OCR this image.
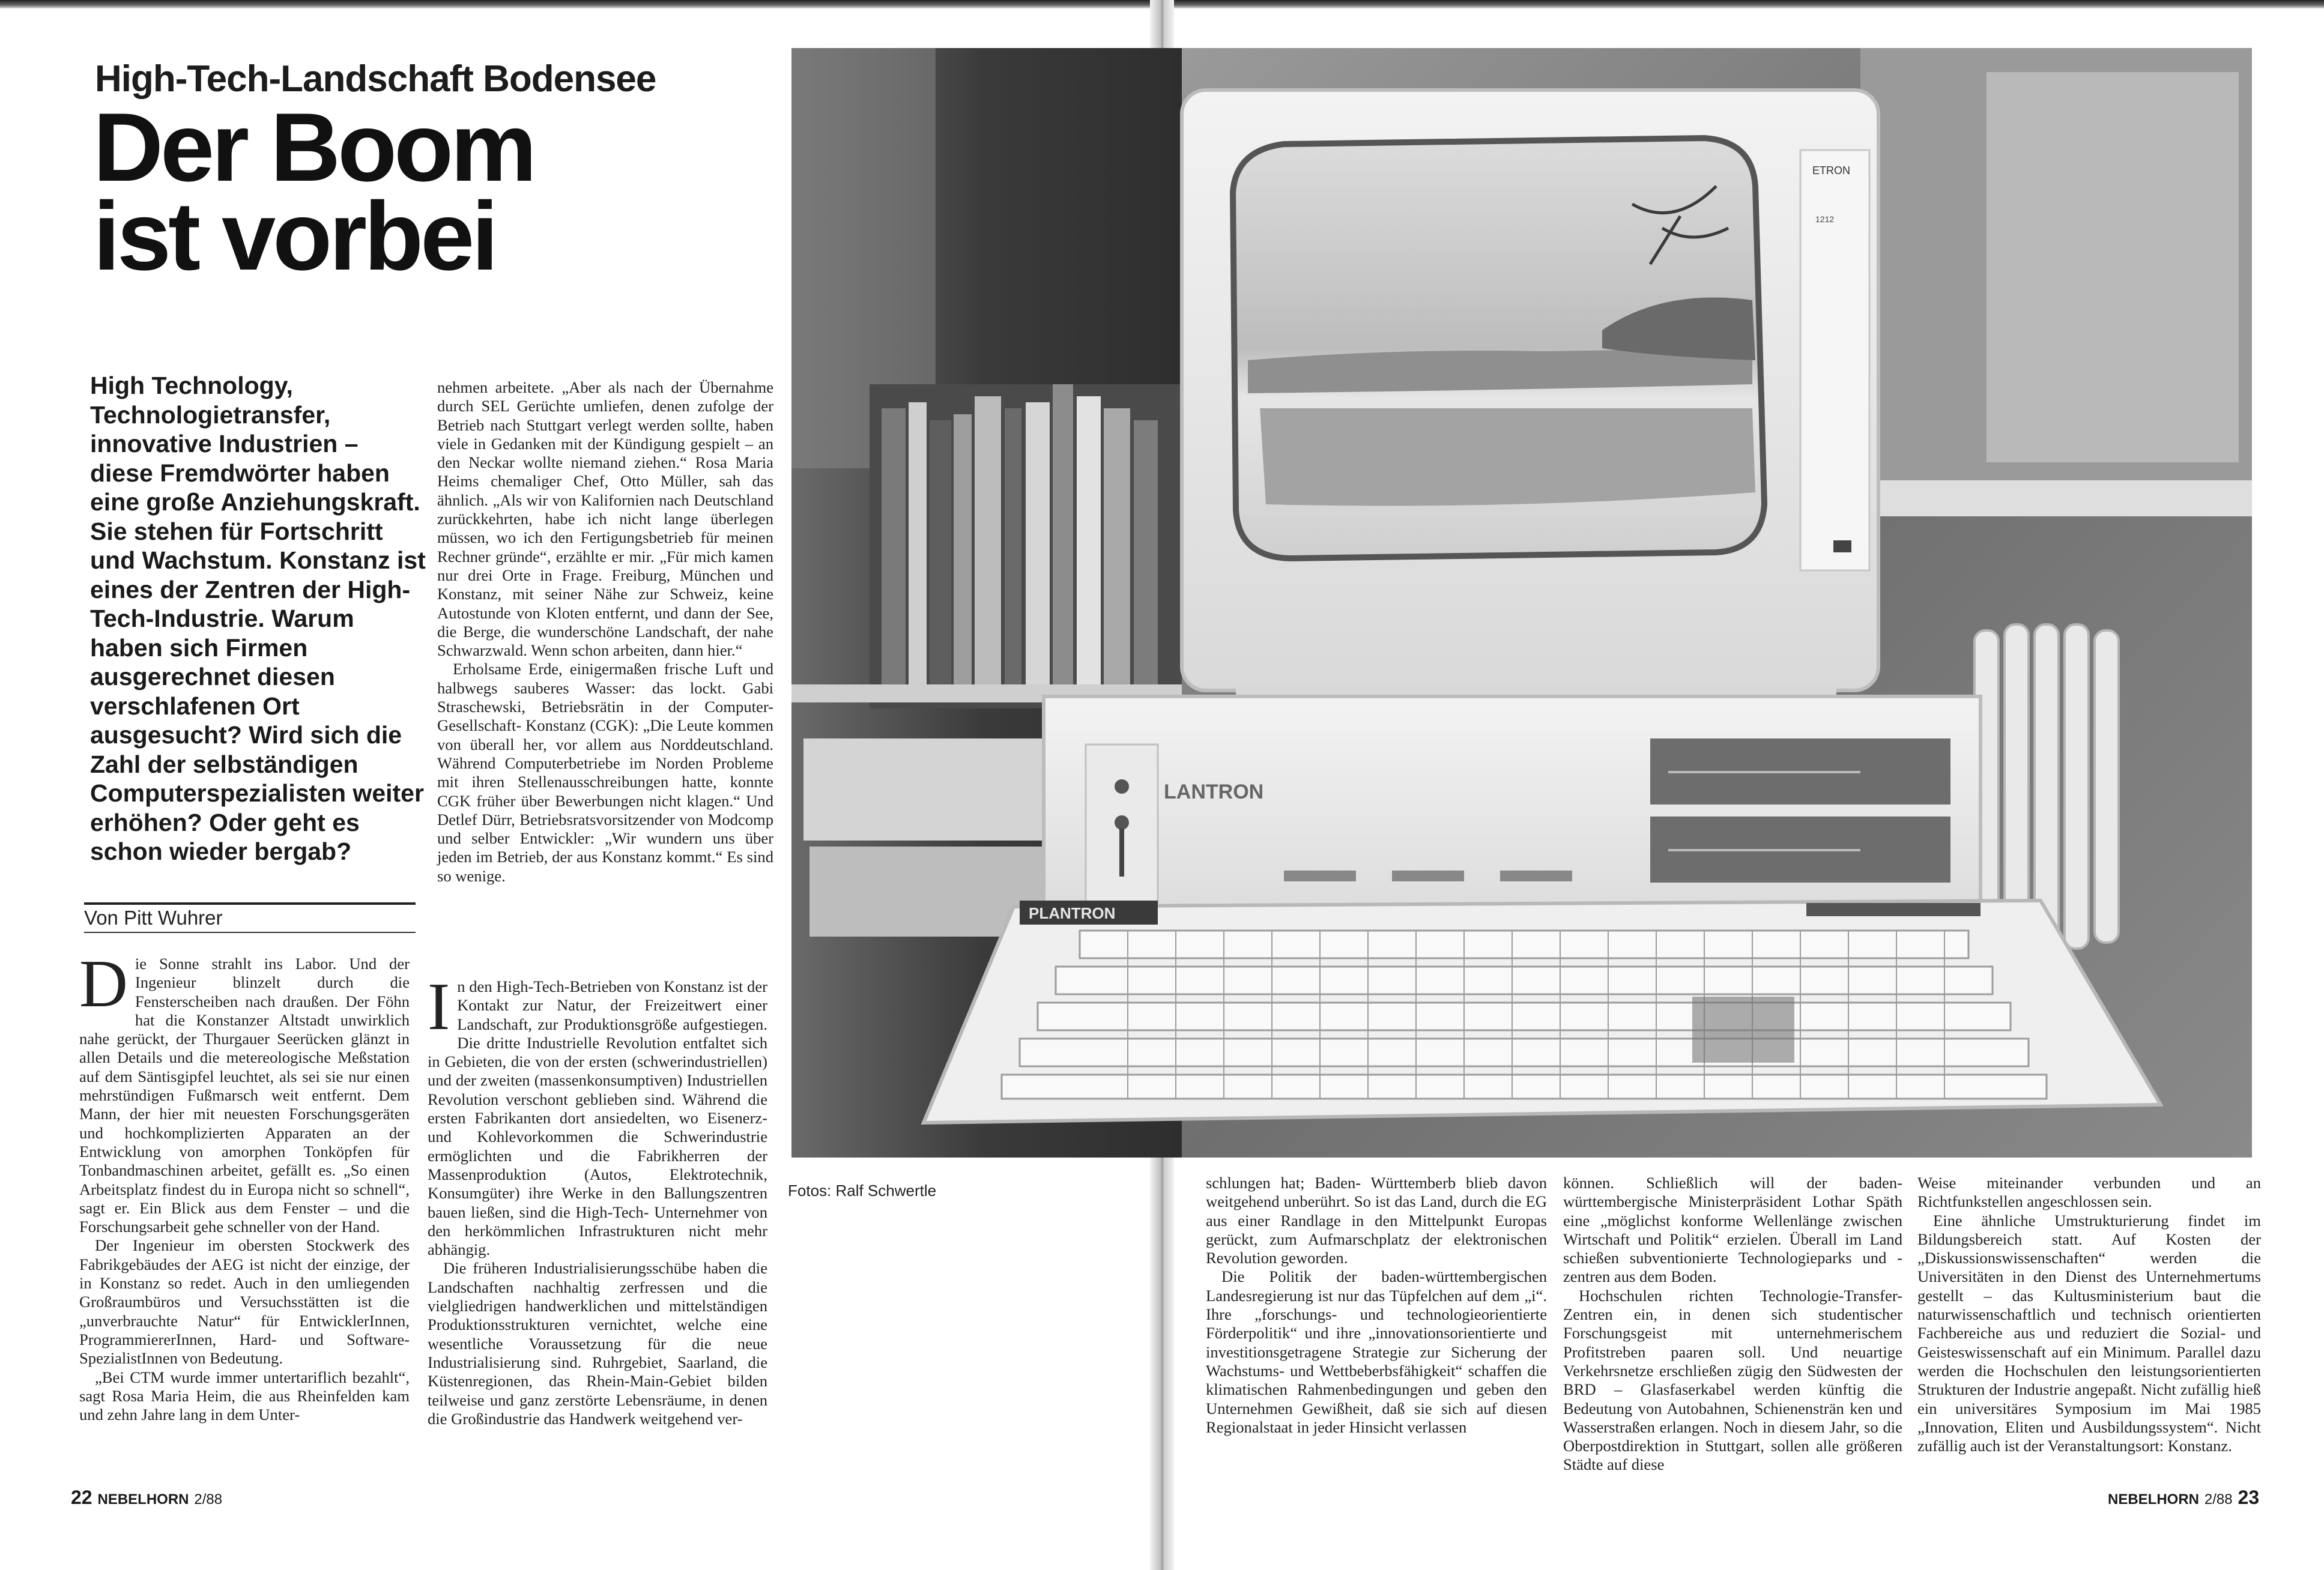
High-Tech-Landschaft Bodensee
Der Boom
ist vorbei
High Technology, Technologietransfer, innovative Industrien – diese Fremdwörter haben eine große Anziehungskraft. Sie stehen für Fortschritt und Wachstum. Konstanz ist eines der Zentren der High-Tech-Industrie. Warum haben sich Firmen ausgerechnet diesen verschlafenen Ort ausgesucht? Wird sich die Zahl der selbständigen Computerspezialisten weiter erhöhen? Oder geht es schon wieder bergab?
Von Pitt Wuhrer

Die Sonne strahlt ins Labor. Und der Ingenieur blinzelt durch die Fensterscheiben nach draußen. Der Föhn hat die Konstanzer Altstadt unwirklich nahe gerückt, der Thurgauer Seerücken glänzt in allen Details und die metereologische Meßstation auf dem Säntisgipfel leuchtet, als sei sie nur einen mehrstündigen Fußmarsch weit entfernt. Dem Mann, der hier mit neuesten Forschungsgeräten und hochkomplizierten Apparaten an der Entwicklung von amorphen Tonköpfen für Tonbandmaschinen arbeitet, gefällt es. „So einen Arbeitsplatz findest du in Europa nicht so schnell“, sagt er. Ein Blick aus dem Fenster – und die Forschungsarbeit gehe schneller von der Hand.

Der Ingenieur im obersten Stockwerk des Fabrikgebäudes der AEG ist nicht der einzige, der in Konstanz so redet. Auch in den umliegenden Großraumbüros und Versuchsstätten ist die „unverbrauchte Natur“ für EntwicklerInnen, ProgrammiererInnen, Hard- und Software- SpezialistInnen von Bedeutung.

„Bei CTM wurde immer untertariflich bezahlt“, sagt Rosa Maria Heim, die aus Rheinfelden kam und zehn Jahre lang in dem Unter-

nehmen arbeitete. „Aber als nach der Übernahme durch SEL Gerüchte umliefen, denen zufolge der Betrieb nach Stuttgart verlegt werden sollte, haben viele in Gedanken mit der Kündigung gespielt – an den Neckar wollte niemand ziehen.“ Rosa Maria Heims chemaliger Chef, Otto Müller, sah das ähnlich. „Als wir von Kalifornien nach Deutschland zurückkehrten, habe ich nicht lange überlegen müssen, wo ich den Fertigungsbetrieb für meinen Rechner gründe“, erzählte er mir. „Für mich kamen nur drei Orte in Frage. Freiburg, München und Konstanz, mit seiner Nähe zur Schweiz, keine Autostunde von Kloten entfernt, und dann der See, die Berge, die wunderschöne Landschaft, der nahe Schwarzwald. Wenn schon arbeiten, dann hier.“

Erholsame Erde, einigermaßen frische Luft und halbwegs sauberes Wasser: das lockt. Gabi Straschewski, Betriebsrätin in der Computer-Gesellschaft- Konstanz (CGK): „Die Leute kommen von überall her, vor allem aus Norddeutschland. Während Computerbetriebe im Norden Probleme mit ihren Stellenausschreibungen hatte, konnte CGK früher über Bewerbungen nicht klagen.“ Und Detlef Dürr, Betriebsratsvorsitzender von Modcomp und selber Entwickler: „Wir wundern uns über jeden im Betrieb, der aus Konstanz kommt.“ Es sind so wenige.

In den High-Tech-Betrieben von Konstanz ist der Kontakt zur Natur, der Freizeitwert einer Landschaft, zur Produktionsgröße aufgestiegen. Die dritte Industrielle Revolution entfaltet sich in Gebieten, die von der ersten (schwerindustriellen) und der zweiten (massenkonsumptiven) Industriellen Revolution verschont geblieben sind. Während die ersten Fabrikanten dort ansiedelten, wo Eisenerz- und Kohlevorkommen die Schwerindustrie ermöglichten und die Fabrikherren der Massenproduktion (Autos, Elektrotechnik, Konsumgüter) ihre Werke in den Ballungszentren bauen ließen, sind die High-Tech- Unternehmer von den herkömmlichen Infrastrukturen nicht mehr abhängig.

Die früheren Industrialisierungsschübe haben die Landschaften nachhaltig zerfressen und die vielgliedrigen handwerklichen und mittelständigen Produktionsstrukturen vernichtet, welche eine wesentliche Voraussetzung für die neue Industrialisierung sind. Ruhrgebiet, Saarland, die Küstenregionen, das Rhein-Main-Gebiet bilden teilweise und ganz zerstörte Lebensräume, in denen die Großindustrie das Handwerk weitgehend ver-

22 NEBELHORN 2/88
ETRON
1212
LANTRON
PLANTRON
Fotos: Ralf Schwertle	schlungen hat; Baden- Württemberb blieb davon weitgehend unberührt. So ist das Land, durch die EG aus einer Randlage in den Mittelpunkt Europas gerückt, zum Aufmarschplatz der elektronischen Revolution geworden.

Die Politik der baden-württembergischen Landesregierung ist nur das Tüpfelchen auf dem „i“. Ihre „forschungs- und technologieorientierte Förderpolitik“ und ihre „innovationsorientierte und investitionsgetragene Strategie zur Sicherung der Wachstums- und Wettbeberbsfähigkeit“ schaffen die klimatischen Rahmenbedingungen und geben den Unternehmen Gewißheit, daß sie sich auf diesen Regionalstaat in jeder Hinsicht verlassen

können. Schließlich will der baden- württembergische Ministerpräsident Lothar Späth eine „möglichst konforme Wellenlänge zwischen Wirtschaft und Politik“ erzielen. Überall im Land schießen subventionierte Technologieparks und -zentren aus dem Boden.

Hochschulen richten Technologie-Transfer-Zentren ein, in denen sich studentischer Forschungsgeist mit unternehmerischem Profitstreben paaren soll. Und neuartige Verkehrsnetze erschließen zügig den Südwesten der BRD – Glasfaserkabel werden künftig die Bedeutung von Autobahnen, Schienensträn ken und Wasserstraßen erlangen. Noch in diesem Jahr, so die Oberpostdirektion in Stuttgart, sollen alle größeren Städte auf diese

Weise miteinander verbunden und an Richtfunkstellen angeschlossen sein.

Eine ähnliche Umstrukturierung findet im Bildungsbereich statt. Auf Kosten der „Diskussionswissenschaften“ werden die Universitäten in den Dienst des Unternehmertums gestellt – das Kultusministerium baut die naturwissenschaftlich und technisch orientierten Fachbereiche aus und reduziert die Sozial- und Geisteswissenschaft auf ein Minimum. Parallel dazu werden die Hochschulen den leistungsorientierten Strukturen der Industrie angepaßt. Nicht zufällig hieß ein universitäres Symposium im Mai 1985 „Innovation, Eliten und Ausbildungssystem“. Nicht zufällig auch ist der Veranstaltungsort: Konstanz.

NEBELHORN 2/88 23
